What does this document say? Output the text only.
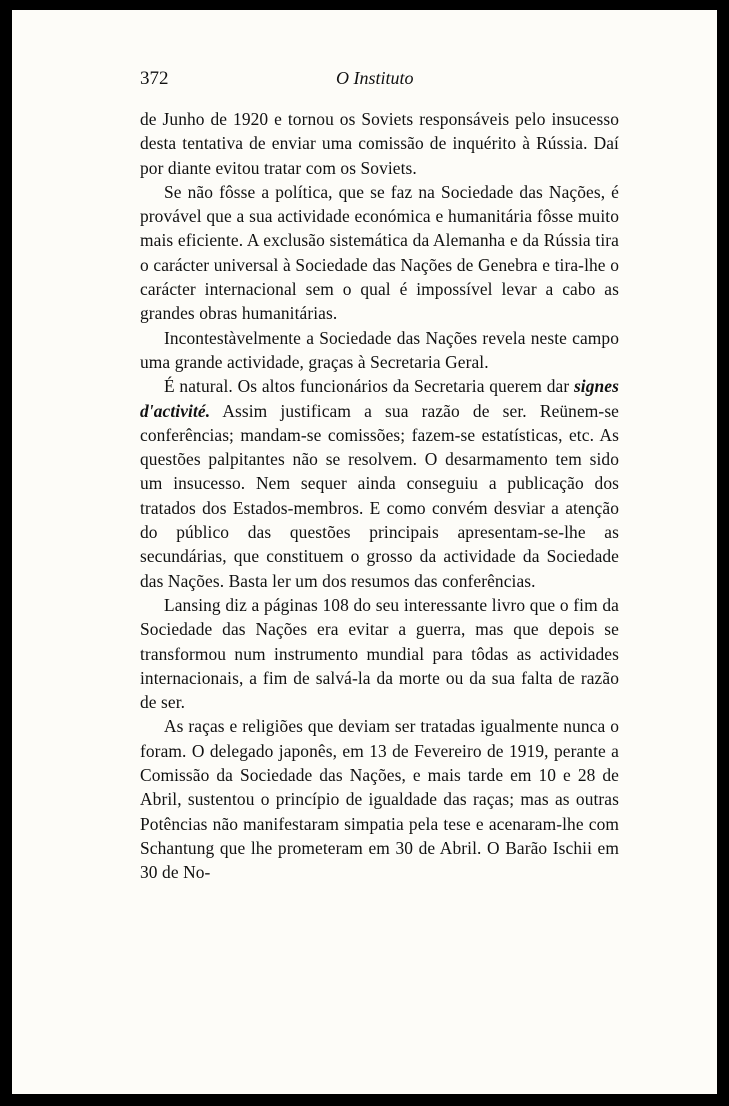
372	O Instituto

de Junho de 1920 e tornou os Soviets responsáveis pelo insucesso desta tentativa de enviar uma comissão de inquérito à Rússia. Daí por diante evitou tratar com os Soviets.

Se não fôsse a política, que se faz na Sociedade das Nações, é provável que a sua actividade económica e humanitária fôsse muito mais eficiente. A exclusão sistemática da Alemanha e da Rússia tira o carácter universal à Sociedade das Nações de Genebra e tira-lhe o carácter internacional sem o qual é impossível levar a cabo as grandes obras humanitárias.

Incontestàvelmente a Sociedade das Nações revela neste campo uma grande actividade, graças à Secretaria Geral.

É natural. Os altos funcionários da Secretaria querem dar signes d'activité. Assim justificam a sua razão de ser. Reünem-se conferências; mandam-se comissões; fazem-se estatísticas, etc. As questões palpitantes não se resolvem. O desarmamento tem sido um insucesso. Nem sequer ainda conseguiu a publicação dos tratados dos Estados-membros. E como convém desviar a atenção do público das questões principais apresentam-se-lhe as secundárias, que constituem o grosso da actividade da Sociedade das Nações. Basta ler um dos resumos das conferências.

Lansing diz a páginas 108 do seu interessante livro que o fim da Sociedade das Nações era evitar a guerra, mas que depois se transformou num instrumento mundial para tôdas as actividades internacionais, a fim de salvá-la da morte ou da sua falta de razão de ser.

As raças e religiões que deviam ser tratadas igualmente nunca o foram. O delegado japonês, em 13 de Fevereiro de 1919, perante a Comissão da Sociedade das Nações, e mais tarde em 10 e 28 de Abril, sustentou o princípio de igualdade das raças; mas as outras Potências não manifestaram simpatia pela tese e acenaram-lhe com Schantung que lhe prometeram em 30 de Abril. O Barão Ischii em 30 de No-
